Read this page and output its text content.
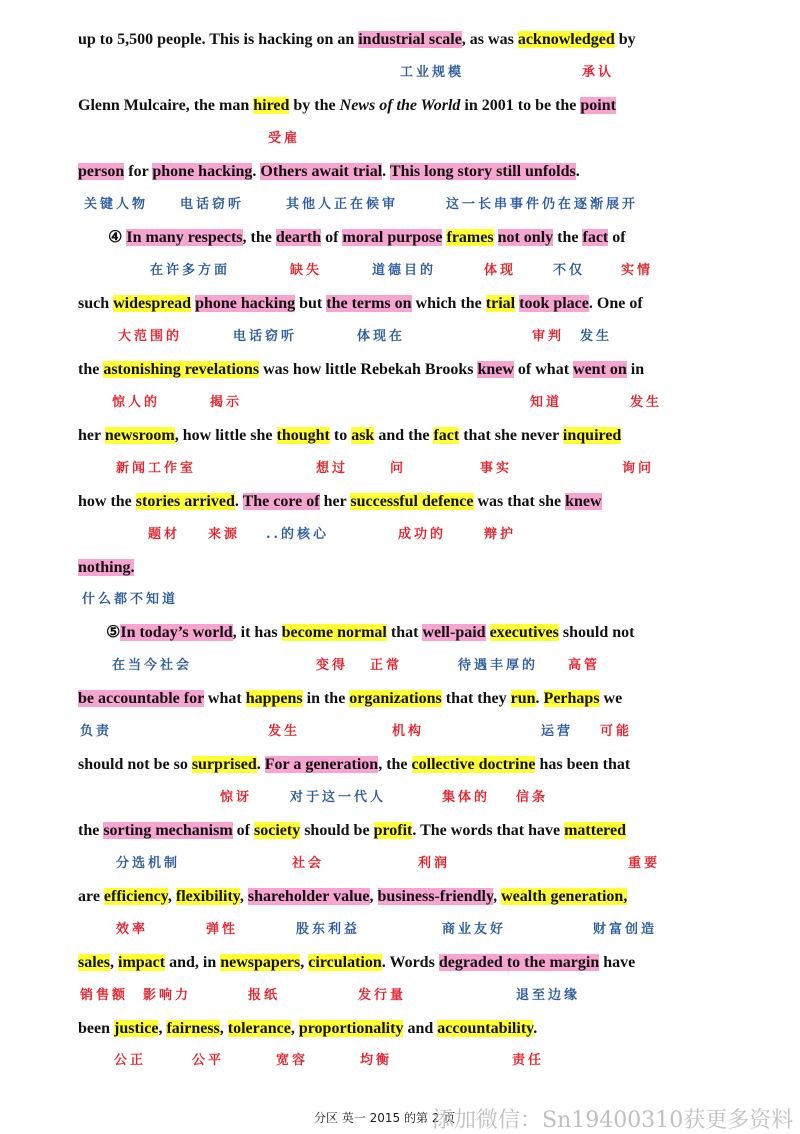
up to 5,500 people. This is hacking on an industrial scale, as was acknowledged by
Glenn Mulcaire, the man hired by the News of the World in 2001 to be the point
person for phone hacking. Others await trial. This long story still unfolds.
④ In many respects, the dearth of moral purpose frames not only the fact of
such widespread phone hacking but the terms on which the trial took place. One of
the astonishing revelations was how little Rebekah Brooks knew of what went on in
her newsroom, how little she thought to ask and the fact that she never inquired
how the stories arrived. The core of her successful defence was that she knew
nothing.
⑤In today’s world, it has become normal that well-paid executives should not
be accountable for what happens in the organizations that they run. Perhaps we
should not be so surprised. For a generation, the collective doctrine has been that
the sorting mechanism of society should be profit. The words that have mattered
are efficiency, flexibility, shareholder value, business-friendly, wealth generation,
sales, impact and, in newspapers, circulation. Words degraded to the margin have
been justice, fairness, tolerance, proportionality and accountability.
工业规模	承认
受雇
关键人物 电话窃听	其他人正在候审	这一长串事件仍在逐渐展开
在许多方面	缺失	道德目的	体现	不仅	实情
大范围的	电话窃听	体现在	审判 发生
惊人的	揭示	知道	发生
新闻工作室	想过	问	事实	询问
题材 来源 ..的核心	成功的	辩护
什么都不知道
在当今社会	变得 正常	待遇丰厚的 高管
负责	发生	机构	运营 可能
惊讶	对于这一代人	集体的 信条
分选机制	社会	利润	重要
效率	弹性	股东利益	商业友好	财富创造
销售额 影响力	报纸	发行量	退至边缘
公正	公平	宽容	均衡	责任
分区 英一 2015 的第 2 页
添加微信：Sn19400310获更多资料
